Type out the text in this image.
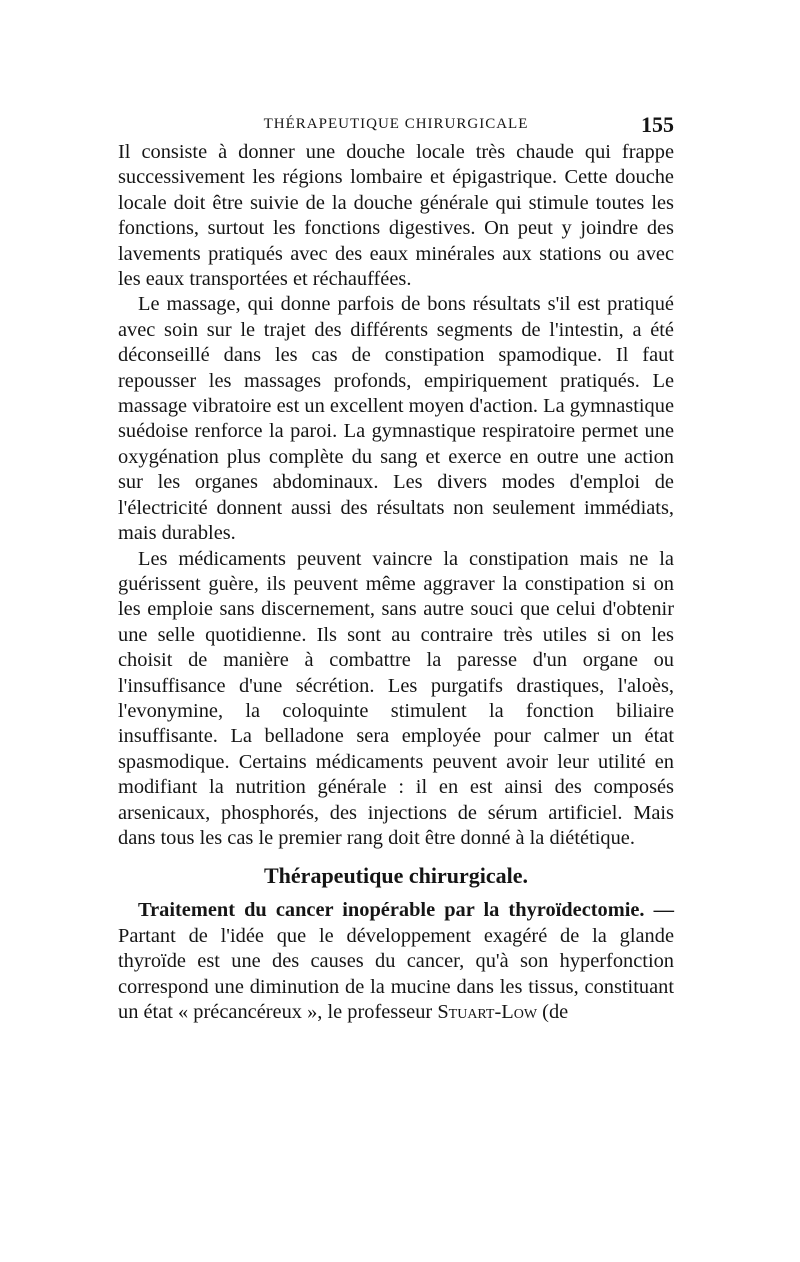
THÉRAPEUTIQUE CHIRURGICALE	155

Il consiste à donner une douche locale très chaude qui frappe successivement les régions lombaire et épigastrique. Cette douche locale doit être suivie de la douche générale qui stimule toutes les fonctions, surtout les fonctions digestives. On peut y joindre des lavements pratiqués avec des eaux minérales aux stations ou avec les eaux transportées et réchauffées.

Le massage, qui donne parfois de bons résultats s'il est pratiqué avec soin sur le trajet des différents segments de l'intestin, a été déconseillé dans les cas de constipation spamodique. Il faut repousser les massages profonds, empiriquement pratiqués. Le massage vibratoire est un excellent moyen d'action. La gymnastique suédoise renforce la paroi. La gymnastique respiratoire permet une oxygénation plus complète du sang et exerce en outre une action sur les organes abdominaux. Les divers modes d'emploi de l'électricité donnent aussi des résultats non seulement immédiats, mais durables.

Les médicaments peuvent vaincre la constipation mais ne la guérissent guère, ils peuvent même aggraver la constipation si on les emploie sans discernement, sans autre souci que celui d'obtenir une selle quotidienne. Ils sont au contraire très utiles si on les choisit de manière à combattre la paresse d'un organe ou l'insuffisance d'une sécrétion. Les purgatifs drastiques, l'aloès, l'evonymine, la coloquinte stimulent la fonction biliaire insuffisante. La belladone sera employée pour calmer un état spasmodique. Certains médicaments peuvent avoir leur utilité en modifiant la nutrition générale : il en est ainsi des composés arsenicaux, phosphorés, des injections de sérum artificiel. Mais dans tous les cas le premier rang doit être donné à la diététique.

Thérapeutique chirurgicale.

Traitement du cancer inopérable par la thyroïdectomie. — Partant de l'idée que le développement exagéré de la glande thyroïde est une des causes du cancer, qu'à son hyperfonction correspond une diminution de la mucine dans les tissus, constituant un état « précancéreux », le professeur Stuart-Low (de
